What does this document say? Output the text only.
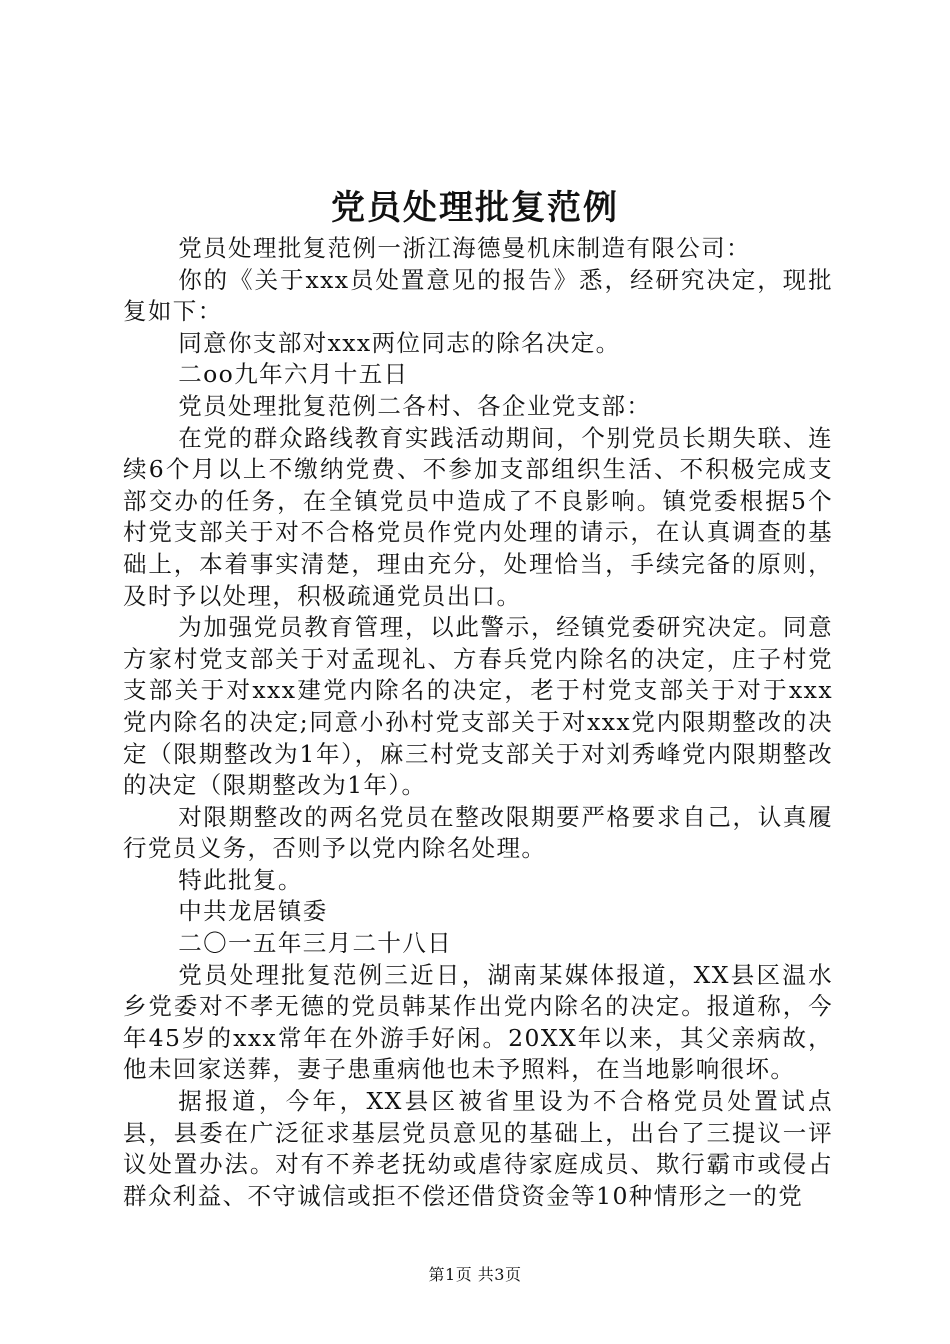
党员处理批复范例

党员处理批复范例一浙江海德曼机床制造有限公司：

你的《关于xxx员处置意见的报告》悉，经研究决定，现批复如下：

同意你支部对xxx两位同志的除名决定。

二oo九年六月十五日

党员处理批复范例二各村、各企业党支部：

在党的群众路线教育实践活动期间，个别党员长期失联、连续6个月以上不缴纳党费、不参加支部组织生活、不积极完成支部交办的任务，在全镇党员中造成了不良影响。镇党委根据5个村党支部关于对不合格党员作党内处理的请示，在认真调查的基础上，本着事实清楚，理由充分，处理恰当，手续完备的原则，及时予以处理，积极疏通党员出口。

为加强党员教育管理，以此警示，经镇党委研究决定。同意方家村党支部关于对孟现礼、方春兵党内除名的决定，庄子村党支部关于对xxx建党内除名的决定，老于村党支部关于对于xxx党内除名的决定;同意小孙村党支部关于对xxx党内限期整改的决定（限期整改为1年），麻三村党支部关于对刘秀峰党内限期整改的决定（限期整改为1年）。

对限期整改的两名党员在整改限期要严格要求自己，认真履行党员义务，否则予以党内除名处理。

特此批复。

中共龙居镇委

二〇一五年三月二十八日

党员处理批复范例三近日，湖南某媒体报道，XX县区温水乡党委对不孝无德的党员韩某作出党内除名的决定。报道称，今年45岁的xxx常年在外游手好闲。20XX年以来，其父亲病故，他未回家送葬，妻子患重病他也未予照料，在当地影响很坏。

据报道，今年，XX县区被省里设为不合格党员处置试点县，县委在广泛征求基层党员意见的基础上，出台了三提议一评议处置办法。对有不养老抚幼或虐待家庭成员、欺行霸市或侵占群众利益、不守诚信或拒不偿还借贷资金等10种情形之一的党

第1页 共3页
